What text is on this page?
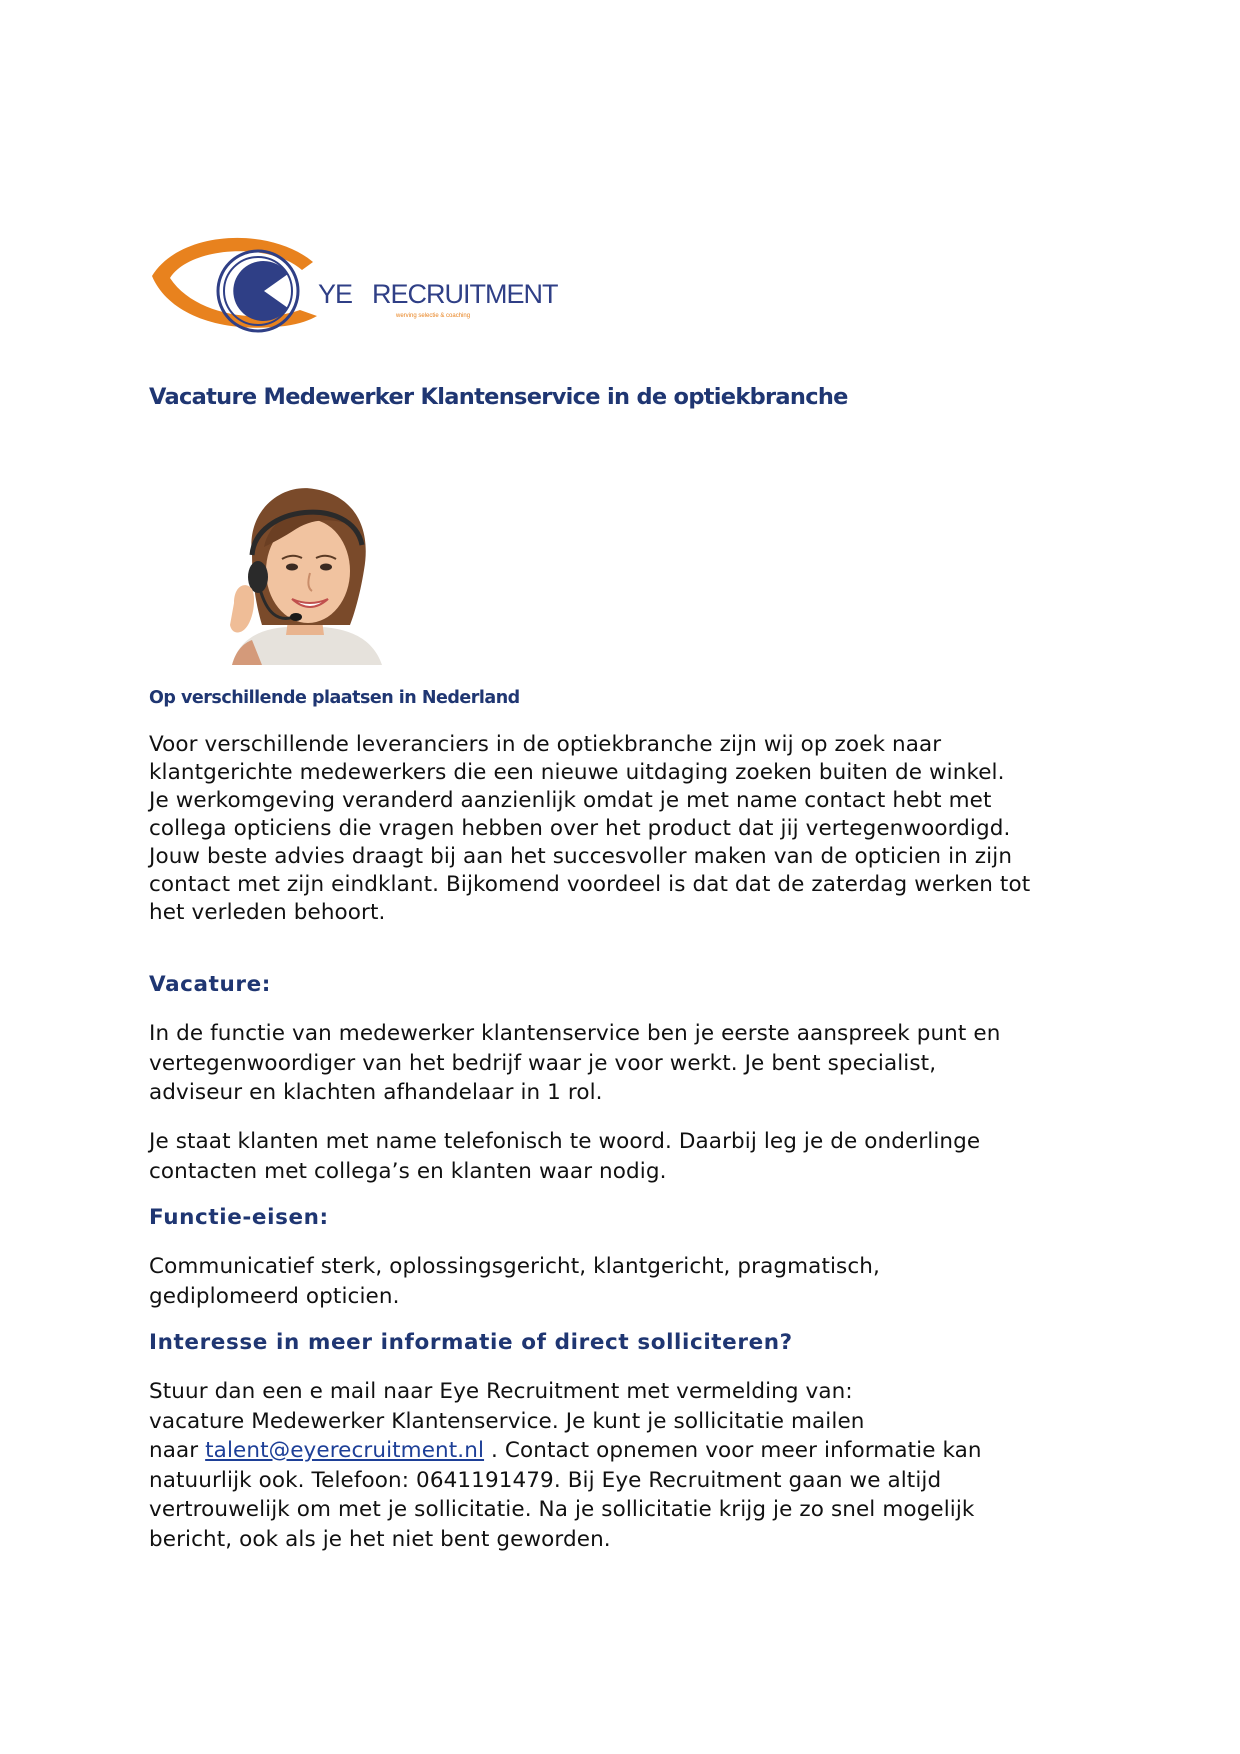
YE RECRUITMENT
werving selectie & coaching
Vacature Medewerker Klantenservice in de optiekbranche
Op verschillende plaatsen in Nederland
Voor verschillende leveranciers in de optiekbranche zijn wij op zoek naar
klantgerichte medewerkers die een nieuwe uitdaging zoeken buiten de winkel.
Je werkomgeving veranderd aanzienlijk omdat je met name contact hebt met
collega opticiens die vragen hebben over het product dat jij vertegenwoordigd.
Jouw beste advies draagt bij aan het succesvoller maken van de opticien in zijn
contact met zijn eindklant. Bijkomend voordeel is dat dat de zaterdag werken tot
het verleden behoort.
Vacature:
In de functie van medewerker klantenservice ben je eerste aanspreek punt en
vertegenwoordiger van het bedrijf waar je voor werkt. Je bent specialist,
adviseur en klachten afhandelaar in 1 rol.
Je staat klanten met name telefonisch te woord. Daarbij leg je de onderlinge
contacten met collega’s en klanten waar nodig.
Functie-eisen:
Communicatief sterk, oplossingsgericht, klantgericht, pragmatisch,
gediplomeerd opticien.
Interesse in meer informatie of direct solliciteren?
Stuur dan een e mail naar Eye Recruitment met vermelding van:
vacature Medewerker Klantenservice. Je kunt je sollicitatie mailen
naar talent@eyerecruitment.nl . Contact opnemen voor meer informatie kan
natuurlijk ook. Telefoon: 0641191479. Bij Eye Recruitment gaan we altijd
vertrouwelijk om met je sollicitatie. Na je sollicitatie krijg je zo snel mogelijk
bericht, ook als je het niet bent geworden.
